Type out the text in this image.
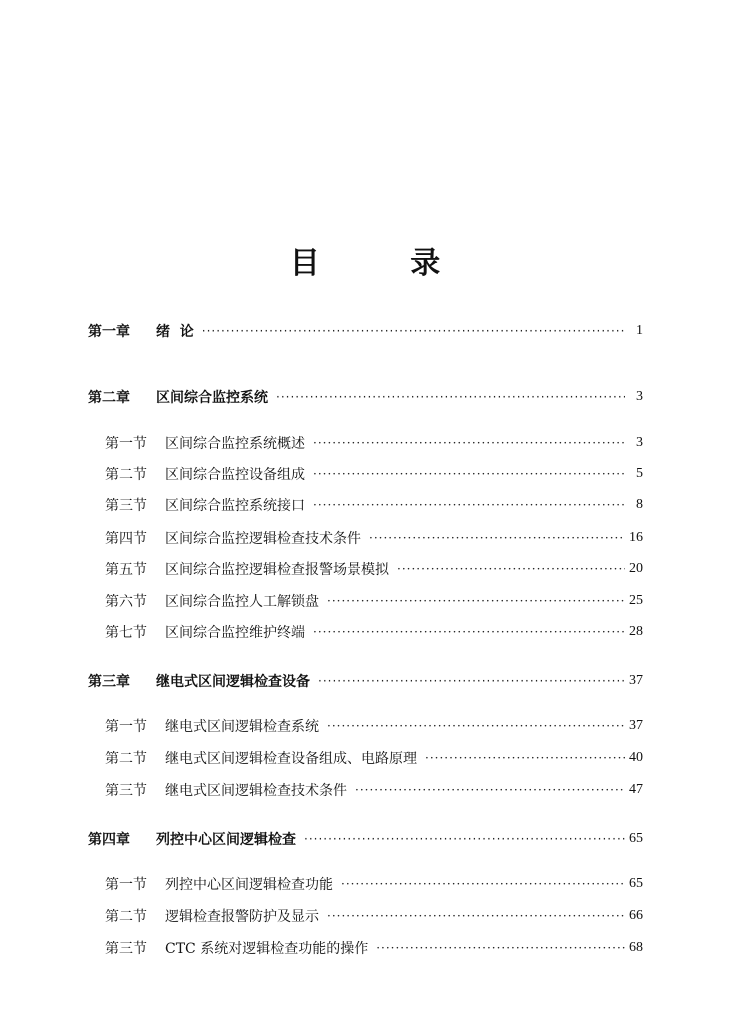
目 录
第一章 绪  论 ·····	1
第二章 区间综合监控系统 ·····	3
第一节 区间综合监控系统概述 ·····	3
第二节 区间综合监控设备组成 ·····	5
第三节 区间综合监控系统接口 ·····	8
第四节 区间综合监控逻辑检查技术条件 ·····	16
第五节 区间综合监控逻辑检查报警场景模拟 ·····	20
第六节 区间综合监控人工解锁盘 ·····	25
第七节 区间综合监控维护终端 ·····	28
第三章 继电式区间逻辑检查设备 ·····	37
第一节 继电式区间逻辑检查系统 ·····	37
第二节 继电式区间逻辑检查设备组成、电路原理 ·····	40
第三节 继电式区间逻辑检查技术条件 ·····	47
第四章 列控中心区间逻辑检查 ·····	65
第一节 列控中心区间逻辑检查功能 ·····	65
第二节 逻辑检查报警防护及显示 ·····	66
第三节 CTC 系统对逻辑检查功能的操作 ·····	68
